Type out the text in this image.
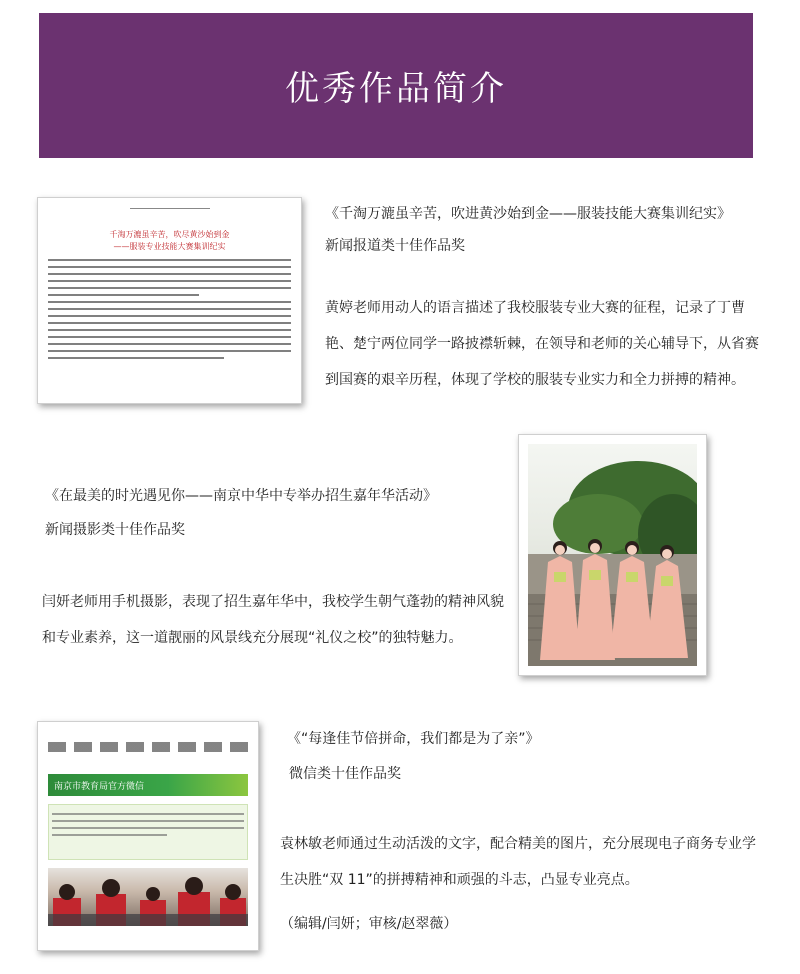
优秀作品简介

千淘万漉虽辛苦，吹尽黄沙始到金
——服装专业技能大赛集训纪实
《千淘万漉虽辛苦，吹进黄沙始到金——服装技能大赛集训纪实》
新闻报道类十佳作品奖
黄婷老师用动人的语言描述了我校服装专业大赛的征程，记录了丁曹
艳、楚宁两位同学一路披襟斩棘，在领导和老师的关心辅导下，从省赛
到国赛的艰辛历程，体现了学校的服装专业实力和全力拼搏的精神。
《在最美的时光遇见你——南京中华中专举办招生嘉年华活动》
新闻摄影类十佳作品奖
闫妍老师用手机摄影，表现了招生嘉年华中，我校学生朝气蓬勃的精神风貌
和专业素养，这一道靓丽的风景线充分展现“礼仪之校”的独特魅力。

南京市教育局官方微信
《“每逢佳节倍拼命，我们都是为了亲”》
微信类十佳作品奖
袁林敏老师通过生动活泼的文字，配合精美的图片，充分展现电子商务专业学
生决胜“双 11”的拼搏精神和顽强的斗志，凸显专业亮点。
（编辑/闫妍；审核/赵翠薇）
